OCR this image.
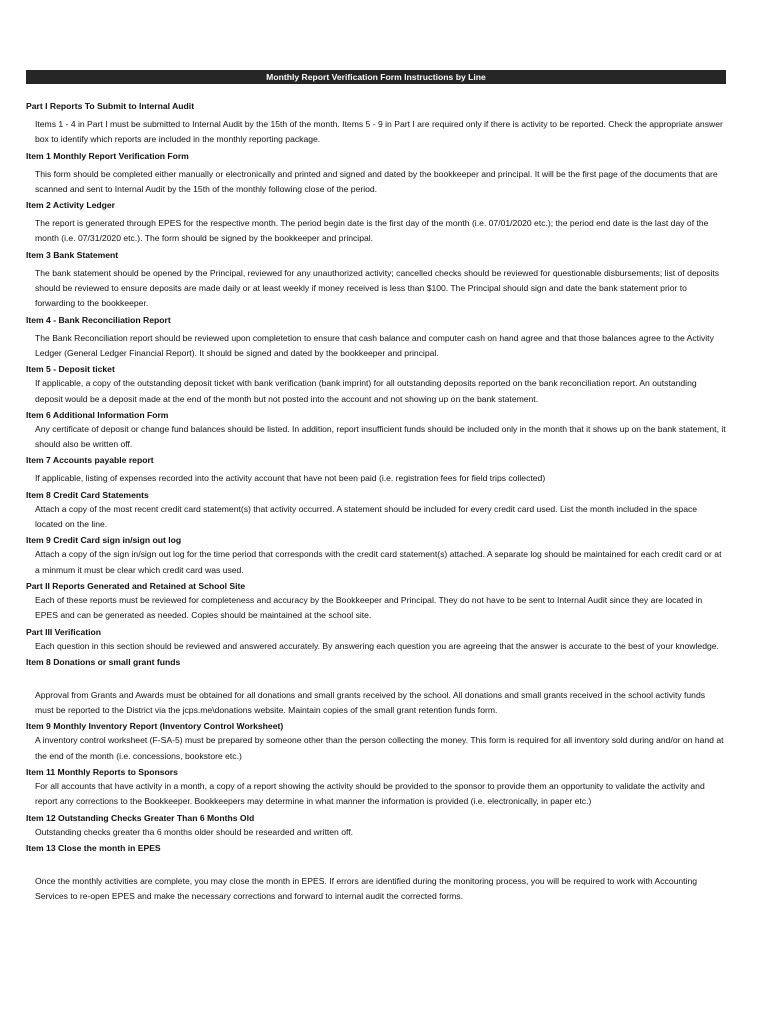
Monthly Report Verification Form Instructions by Line
Part I Reports To Submit to Internal Audit

Items 1 - 4 in Part I must be submitted to Internal Audit by the 15th of the month. Items 5 - 9 in Part I are required only if there is activity to be reported. Check the appropriate answer box to identify which reports are included in the monthly reporting package.

Item 1 Monthly Report Verification Form

This form should be completed either manually or electronically and printed and signed and dated by the bookkeeper and principal. It will be the first page of the documents that are scanned and sent to Internal Audit by the 15th of the monthly following close of the period.

Item 2 Activity Ledger

The report is generated through EPES for the respective month. The period begin date is the first day of the month (i.e. 07/01/2020 etc.); the period end date is the last day of the month (i.e. 07/31/2020 etc.). The form should be signed by the bookkeeper and principal.

Item 3 Bank Statement

The bank statement should be opened by the Principal, reviewed for any unauthorized activity; cancelled checks should be reviewed for questionable disbursements; list of deposits should be reviewed to ensure deposits are made daily or at least weekly if money received is less than $100. The Principal should sign and date the bank statement prior to forwarding to the bookkeeper.

Item 4 - Bank Reconciliation Report

The Bank Reconciliation report should be reviewed upon completetion to ensure that cash balance and computer cash on hand agree and that those balances agree to the Activity Ledger (General Ledger Financial Report). It should be signed and dated by the bookkeeper and principal.

Item 5 - Deposit ticket

If applicable, a copy of the outstanding deposit ticket with bank verification (bank imprint) for all outstanding deposits reported on the bank reconciliation report. An outstanding deposit would be a deposit made at the end of the month but not posted into the account and not showing up on the bank statement.

Item 6 Additional Information Form

Any certificate of deposit or change fund balances should be listed. In addition, report insufficient funds should be included only in the month that it shows up on the bank statement, it should also be written off.

Item 7 Accounts payable report

If applicable, listing of expenses recorded into the activity account that have not been paid (i.e. registration fees for field trips collected)

Item 8 Credit Card Statements

Attach a copy of the most recent credit card statement(s) that activity occurred. A statement should be included for every credit card used. List the month included in the space located on the line.

Item 9 Credit Card sign in/sign out log

Attach a copy of the sign in/sign out log for the time period that corresponds with the credit card statement(s) attached. A separate log should be maintained for each credit card or at a minmum it must be clear which credit card was used.

Part II Reports Generated and Retained at School Site

Each of these reports must be reviewed for completeness and accuracy by the Bookkeeper and Principal. They do not have to be sent to Internal Audit since they are located in EPES and can be generated as needed. Copies should be maintained at the school site.

Part III Verification

Each question in this section should be reviewed and answered accurately. By answering each question you are agreeing that the answer is accurate to the best of your knowledge.

Item 8 Donations or small grant funds

Approval from Grants and Awards must be obtained for all donations and small grants received by the school. All donations and small grants received in the school activity funds must be reported to the District via the jcps.me\donations website. Maintain copies of the small grant retention funds form.

Item 9 Monthly Inventory Report (Inventory Control Worksheet)

A inventory control worksheet (F-SA-5) must be prepared by someone other than the person collecting the money. This form is required for all inventory sold during and/or on hand at the end of the month (i.e. concessions, bookstore etc.)

Item 11 Monthly Reports to Sponsors

For all accounts that have activity in a month, a copy of a report showing the activity should be provided to the sponsor to provide them an opportunity to validate the activity and report any corrections to the Bookkeeper. Bookkeepers may determine in what manner the information is provided (i.e. electronically, in paper etc.)

Item 12 Outstanding Checks Greater Than 6 Months Old

Outstanding checks greater tha 6 months older should be researded and written off.

Item 13 Close the month in EPES

Once the monthly activities are complete, you may close the month in EPES. If errors are identified during the monitoring process, you will be required to work with Accounting Services to re-open EPES and make the necessary corrections and forward to internal audit the corrected forms.
